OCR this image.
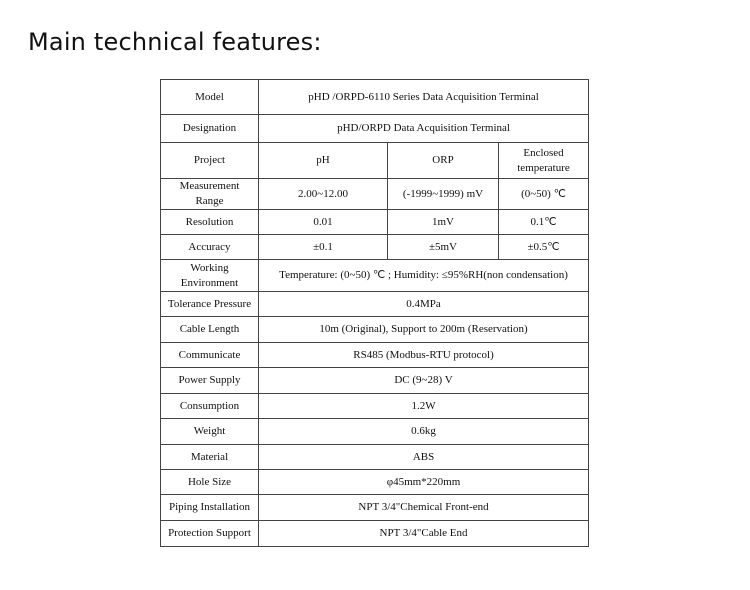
Main technical features:
Model	pHD /ORPD-6110 Series Data Acquisition Terminal		
Designation	pHD/ORPD Data Acquisition Terminal		
Project	pH	ORP	Enclosed temperature
Measurement Range	2.00~12.00	(-1999~1999) mV	(0~50) ℃
Resolution	0.01	1mV	0.1℃
Accuracy	±0.1	±5mV	±0.5℃
Working Environment	Temperature: (0~50) ℃ ; Humidity: ≤95%RH(non condensation)		
Tolerance Pressure	0.4MPa		
Cable Length	10m (Original), Support to 200m (Reservation)		
Communicate	RS485 (Modbus-RTU protocol)		
Power Supply	DC (9~28) V		
Consumption	1.2W		
Weight	0.6kg		
Material	ABS		
Hole Size	φ45mm*220mm		
Piping Installation	NPT 3/4"Chemical Front-end		
Protection Support	NPT 3/4"Cable End		
